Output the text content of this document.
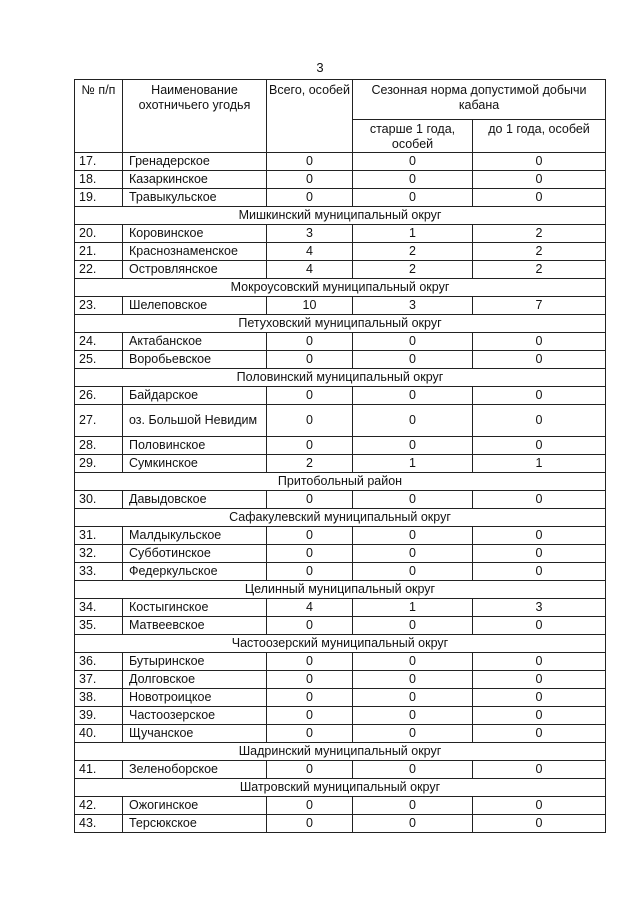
3
№ п/п	Наименование охотничьего угодья	Всего, особей	Сезонная норма допустимой добычи кабана	
			старше 1 года, особей	до 1 года, особей
17.	Гренадерское	0	0	0
18.	Казаркинское	0	0	0
19.	Травыкульское	0	0	0
Мишкинский муниципальный округ				
20.	Коровинское	3	1	2
21.	Краснознаменское	4	2	2
22.	Островлянское	4	2	2
Мокроусовский муниципальный округ				
23.	Шелеповское	10	3	7
Петуховский муниципальный округ				
24.	Актабанское	0	0	0
25.	Воробьевское	0	0	0
Половинский муниципальный округ				
26.	Байдарское	0	0	0
27.	оз. Большой Невидим	0	0	0
28.	Половинское	0	0	0
29.	Сумкинское	2	1	1
Притобольный район				
30.	Давыдовское	0	0	0
Сафакулевский муниципальный округ				
31.	Малдыкульское	0	0	0
32.	Субботинское	0	0	0
33.	Федеркульское	0	0	0
Целинный муниципальный округ				
34.	Костыгинское	4	1	3
35.	Матвеевское	0	0	0
Частоозерский муниципальный округ				
36.	Бутыринское	0	0	0
37.	Долговское	0	0	0
38.	Новотроицкое	0	0	0
39.	Частоозерское	0	0	0
40.	Щучанское	0	0	0
Шадринский муниципальный округ				
41.	Зеленоборское	0	0	0
Шатровский муниципальный округ				
42.	Ожогинское	0	0	0
43.	Терсюкское	0	0	0
